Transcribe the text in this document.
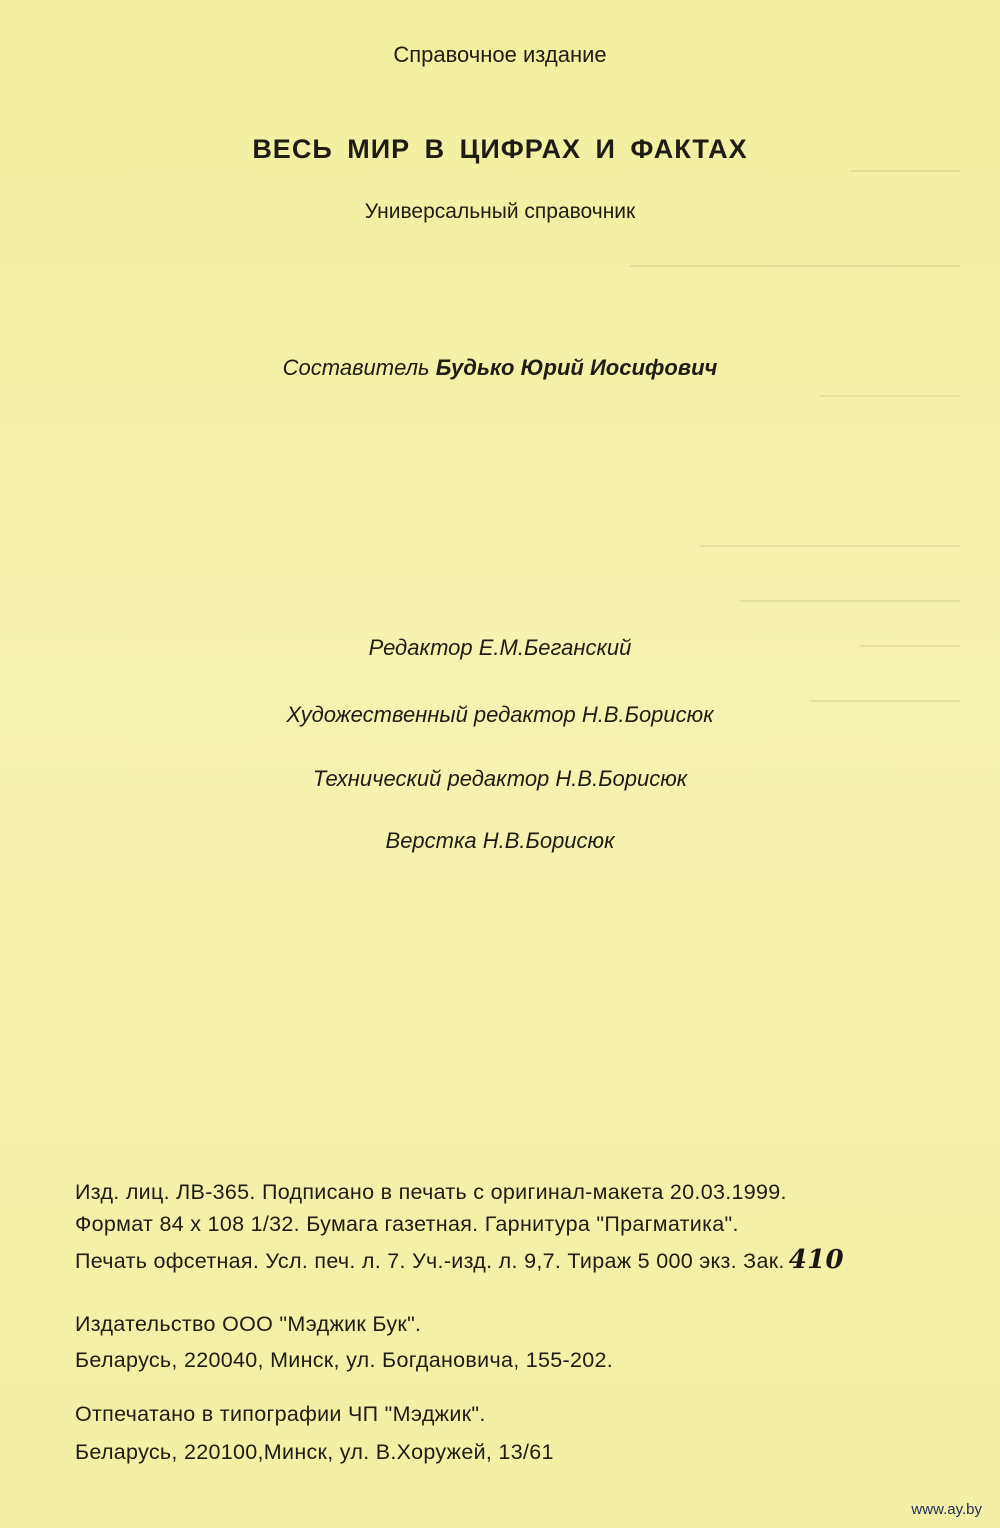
Справочное издание
ВЕСЬ МИР В ЦИФРАХ И ФАКТАХ
Универсальный справочник
Составитель Будько Юрий Иосифович
Редактор Е.М.Беганский
Художественный редактор Н.В.Борисюк
Технический редактор Н.В.Борисюк
Верстка Н.В.Борисюк
Изд. лиц. ЛВ-365. Подписано в печать с оригинал-макета 20.03.1999.
Формат 84 x 108 1/32. Бумага газетная. Гарнитура "Прагматика".
Печать офсетная. Усл. печ. л. 7. Уч.-изд. л. 9,7. Тираж 5 000 экз. Зак. 410
Издательство ООО "Мэджик Бук".
Беларусь, 220040, Минск, ул. Богдановича, 155-202.
Отпечатано в типографии ЧП "Мэджик".
Беларусь, 220100,Минск, ул. В.Хоружей, 13/61
www.ay.by
